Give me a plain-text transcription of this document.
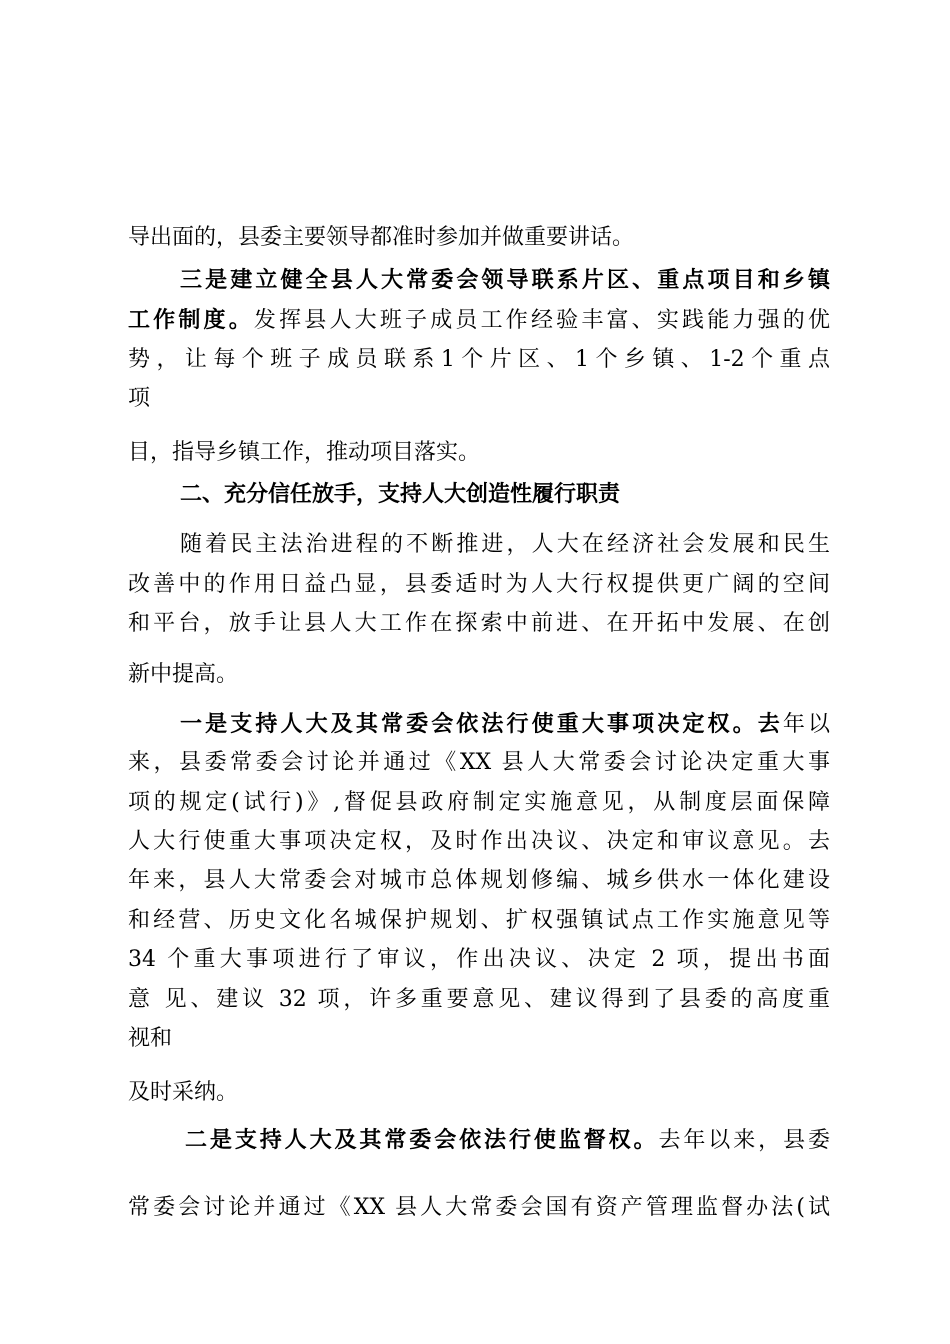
导出面的，县委主要领导都准时参加并做重要讲话。
三是建立健全县人大常委会领导联系片区、重点项目和乡镇
工作制度。发挥县人大班子成员工作经验丰富、实践能力强的优
势，让每个班子成员联系1个片区、1个乡镇、1-2个重点
项
目，指导乡镇工作，推动项目落实。
二、充分信任放手，支持人大创造性履行职责
随着民主法治进程的不断推进，人大在经济社会发展和民生
改善中的作用日益凸显，县委适时为人大行权提供更广阔的空间
和平台，放手让县人大工作在探索中前进、在开拓中发展、在创
新中提高。
一是支持人大及其常委会依法行使重大事项决定权。去年以
来，县委常委会讨论并通过《XX 县人大常委会讨论决定重大事
项的规定(试行)》,督促县政府制定实施意见，从制度层面保障
人大行使重大事项决定权，及时作出决议、决定和审议意见。去
年来，县人大常委会对城市总体规划修编、城乡供水一体化建设
和经营、历史文化名城保护规划、扩权强镇试点工作实施意见等
34 个重大事项进行了审议，作出决议、决定 2 项，提出书面
意 见、建议 32 项，许多重要意见、建议得到了县委的高度重
视和
及时采纳。
二是支持人大及其常委会依法行使监督权。去年以来，县委
常委会讨论并通过《XX 县人大常委会国有资产管理监督办法(试
